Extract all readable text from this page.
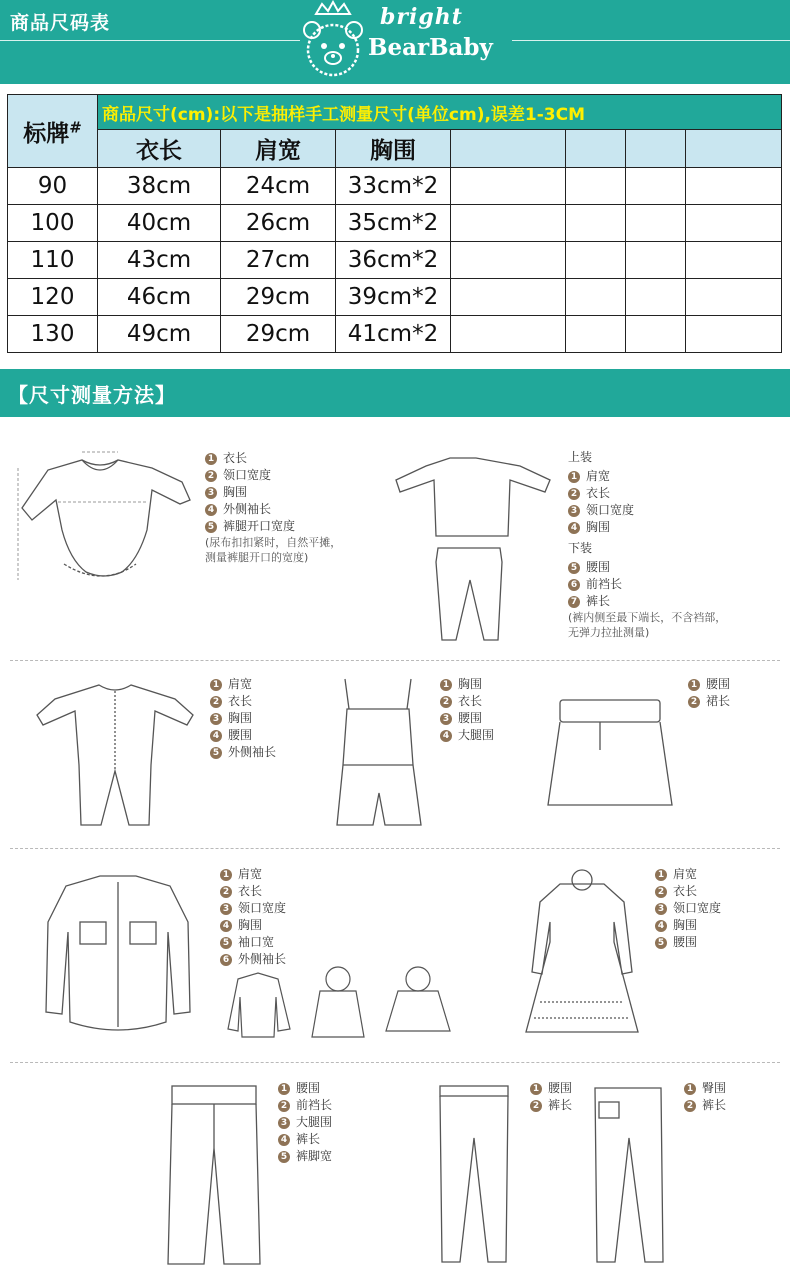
商品尺码表	bright
BearBaby
标牌#	商品尺寸(cm):以下是抽样手工测量尺寸(单位cm),误差1-3CM						
	衣长	肩宽	胸围				
90	38cm	24cm	33cm*2				
100	40cm	26cm	35cm*2				
110	43cm	27cm	36cm*2				
120	46cm	29cm	39cm*2				
130	49cm	29cm	41cm*2				
【尺寸测量方法】
1 衣长
2 领口宽度
3 胸围
4 外侧袖长
5 裤腿开口宽度
(尿布扣扣紧时，自然平摊，
测量裤腿开口的宽度)
上装
1 肩宽
2 衣长
3 领口宽度
4 胸围
下装
5 腰围
6 前裆长
7 裤长
(裤内侧至最下端长，不含裆部，
无弹力拉扯测量)
1 肩宽
2 衣长
3 胸围
4 腰围
5 外侧袖长
1 胸围
2 衣长
3 腰围
4 大腿围
1 腰围
2 裙长
1 肩宽
2 衣长
3 领口宽度
4 胸围
5 袖口宽
6 外侧袖长
1 肩宽
2 衣长
3 领口宽度
4 胸围
5 腰围
1 腰围
2 前裆长
3 大腿围
4 裤长
5 裤脚宽
1 腰围
2 裤长
1 臀围
2 裤长
